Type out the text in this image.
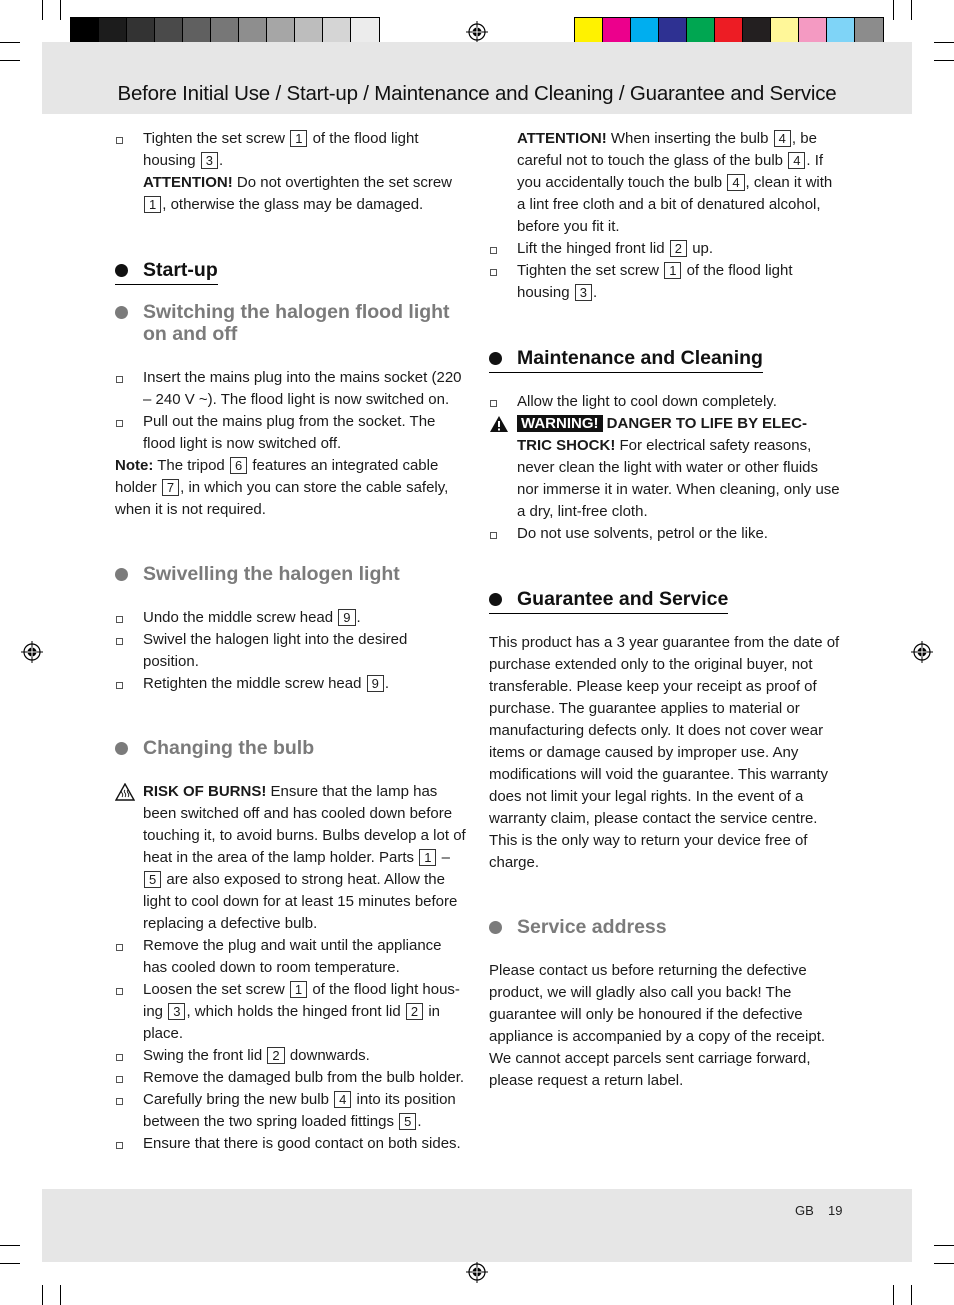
Before Initial Use / Start-up / Maintenance and Cleaning / Guarantee and Service

Tighten the set screw 1 of the flood light housing 3 .

ATTENTION! Do not overtighten the set screw 1 , otherwise the glass may be damaged.

Start-up
Switching the halogen flood light on and off

Insert the mains plug into the mains socket (220 – 240 V ~). The flood light is now switched on.

Pull out the mains plug from the socket. The flood light is now switched off.

Note: The tripod 6 features an integrated cable holder 7 , in which you can store the cable safely, when it is not required.

Swivelling the halogen light

Undo the middle screw head 9 .

Swivel the halogen light into the desired position.

Retighten the middle screw head 9 .

Changing the bulb

RISK OF BURNS! Ensure that the lamp has been switched off and has cooled down before touching it, to avoid burns. Bulbs develop a lot of heat in the area of the lamp holder. Parts 1 – 5 are also exposed to strong heat. Allow the light to cool down for at least 15 minutes before replacing a defective bulb.

Remove the plug and wait until the appliance has cooled down to room temperature.

Loosen the set screw 1 of the flood light hous-ing 3 , which holds the hinged front lid 2 in place.

Swing the front lid 2 downwards.

Remove the damaged bulb from the bulb holder.

Carefully bring the new bulb 4 into its position between the two spring loaded fittings 5 .

Ensure that there is good contact on both sides.

ATTENTION! When inserting the bulb 4 , be careful not to touch the glass of the bulb 4 . If you accidentally touch the bulb 4 , clean it with a lint free cloth and a bit of denatured alcohol, before you fit it.

Lift the hinged front lid 2 up.

Tighten the set screw 1 of the flood light housing 3 .

Maintenance and Cleaning

Allow the light to cool down completely.

WARNING! DANGER TO LIFE BY ELEC-TRIC SHOCK! For electrical safety reasons, never clean the light with water or other fluids nor immerse it in water. When cleaning, only use a dry, lint-free cloth.

Do not use solvents, petrol or the like.

Guarantee and Service

This product has a 3 year guarantee from the date of purchase extended only to the original buyer, not transferable. Please keep your receipt as proof of purchase. The guarantee applies to material or manufacturing defects only. It does not cover wear items or damage caused by improper use. Any modifications will void the guarantee. This warranty does not limit your legal rights. In the event of a warranty claim, please contact the service centre. This is the only way to return your device free of charge.

Service address

Please contact us before returning the defective product, we will gladly also call you back! The guarantee will only be honoured if the defective appliance is accompanied by a copy of the receipt. We cannot accept parcels sent carriage forward, please request a return label.

GB 19
